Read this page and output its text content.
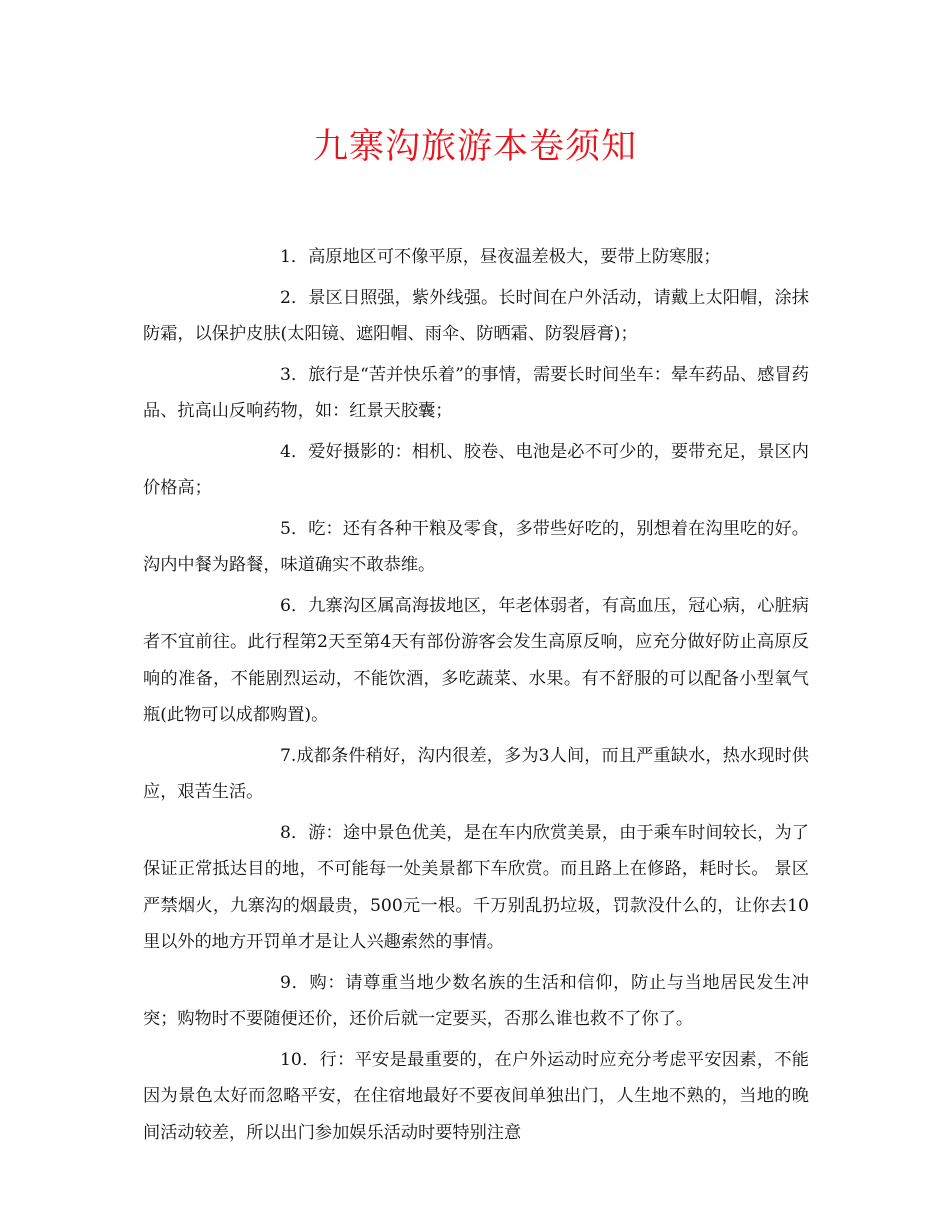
九寨沟旅游本卷须知

1．高原地区可不像平原，昼夜温差极大，要带上防寒服；

2．景区日照强，紫外线强。长时间在户外活动，请戴上太阳帽，涂抹防霜，以保护皮肤(太阳镜、遮阳帽、雨伞、防晒霜、防裂唇膏)；

3．旅行是“苦并快乐着”的事情，需要长时间坐车：晕车药品、感冒药品、抗高山反响药物，如：红景天胶囊；

4．爱好摄影的：相机、胶卷、电池是必不可少的，要带充足，景区内价格高；

5．吃：还有各种干粮及零食，多带些好吃的，别想着在沟里吃的好。沟内中餐为路餐，味道确实不敢恭维。

6．九寨沟区属高海拔地区，年老体弱者，有高血压，冠心病，心脏病者不宜前往。此行程第2天至第4天有部份游客会发生高原反响，应充分做好防止高原反响的准备，不能剧烈运动，不能饮酒，多吃蔬菜、水果。有不舒服的可以配备小型氧气瓶(此物可以成都购置)。

7.成都条件稍好，沟内很差，多为3人间，而且严重缺水，热水现时供应，艰苦生活。

8．游：途中景色优美，是在车内欣赏美景，由于乘车时间较长，为了保证正常抵达目的地，不可能每一处美景都下车欣赏。而且路上在修路，耗时长。 景区严禁烟火，九寨沟的烟最贵，500元一根。千万别乱扔垃圾，罚款没什么的，让你去10里以外的地方开罚单才是让人兴趣索然的事情。

9．购：请尊重当地少数名族的生活和信仰，防止与当地居民发生冲突；购物时不要随便还价，还价后就一定要买，否那么谁也救不了你了。

10．行：平安是最重要的，在户外运动时应充分考虑平安因素，不能因为景色太好而忽略平安，在住宿地最好不要夜间单独出门，人生地不熟的，当地的晚间活动较差，所以出门参加娱乐活动时要特别注意
